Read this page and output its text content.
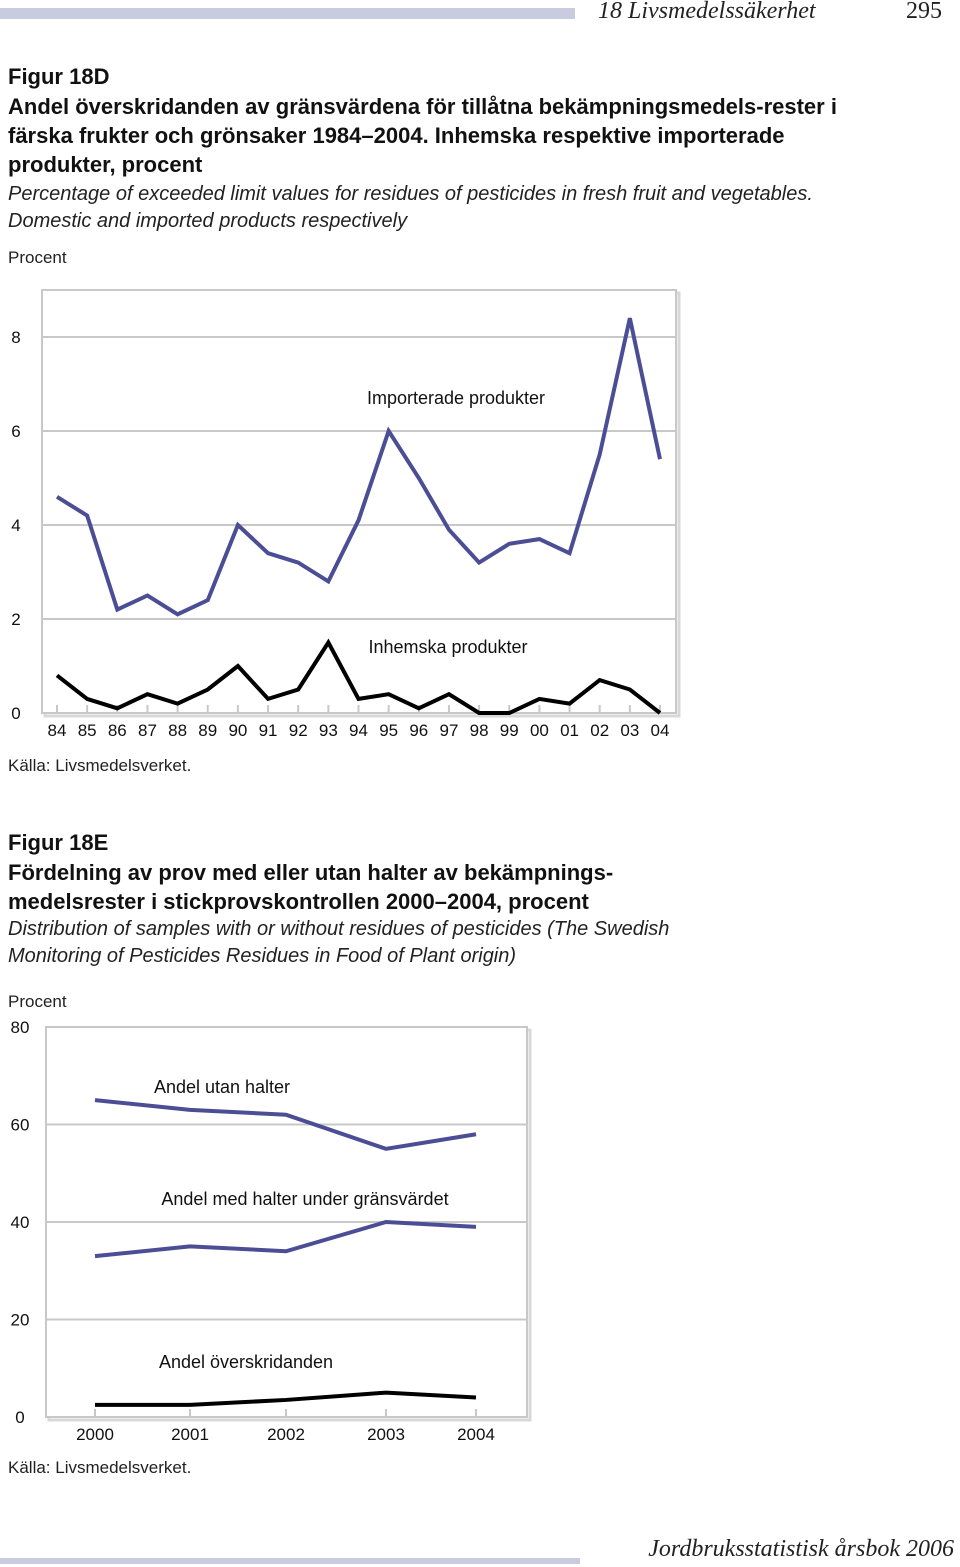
18 Livsmedelssäkerhet	295
Figur 18D
Andel överskridanden av gränsvärdena för tillåtna bekämpningsmedels-rester i färska frukter och grönsaker 1984–2004. Inhemska respektive importerade produkter, procent
Percentage of exceeded limit values for residues of pesticides in fresh fruit and vegetables. Domestic and imported products respectively
Procent
0
2
4
6
8
84 85 86 87 88 89 90 91 92 93 94 95 96 97 98 99 00 01 02 03 04
Importerade produkter
Inhemska produkter
Källa: Livsmedelsverket.
Figur 18E
Fördelning av prov med eller utan halter av bekämpnings-medelsrester i stickprovskontrollen 2000–2004, procent
Distribution of samples with or without residues of pesticides (The Swedish Monitoring of Pesticides Residues in Food of Plant origin)
Procent
0
20
40
60
80
2000	2001	2002	2003	2004
Andel utan halter
Andel med halter under gränsvärdet
Andel överskridanden
Källa: Livsmedelsverket.
Jordbruksstatistisk årsbok 2006
